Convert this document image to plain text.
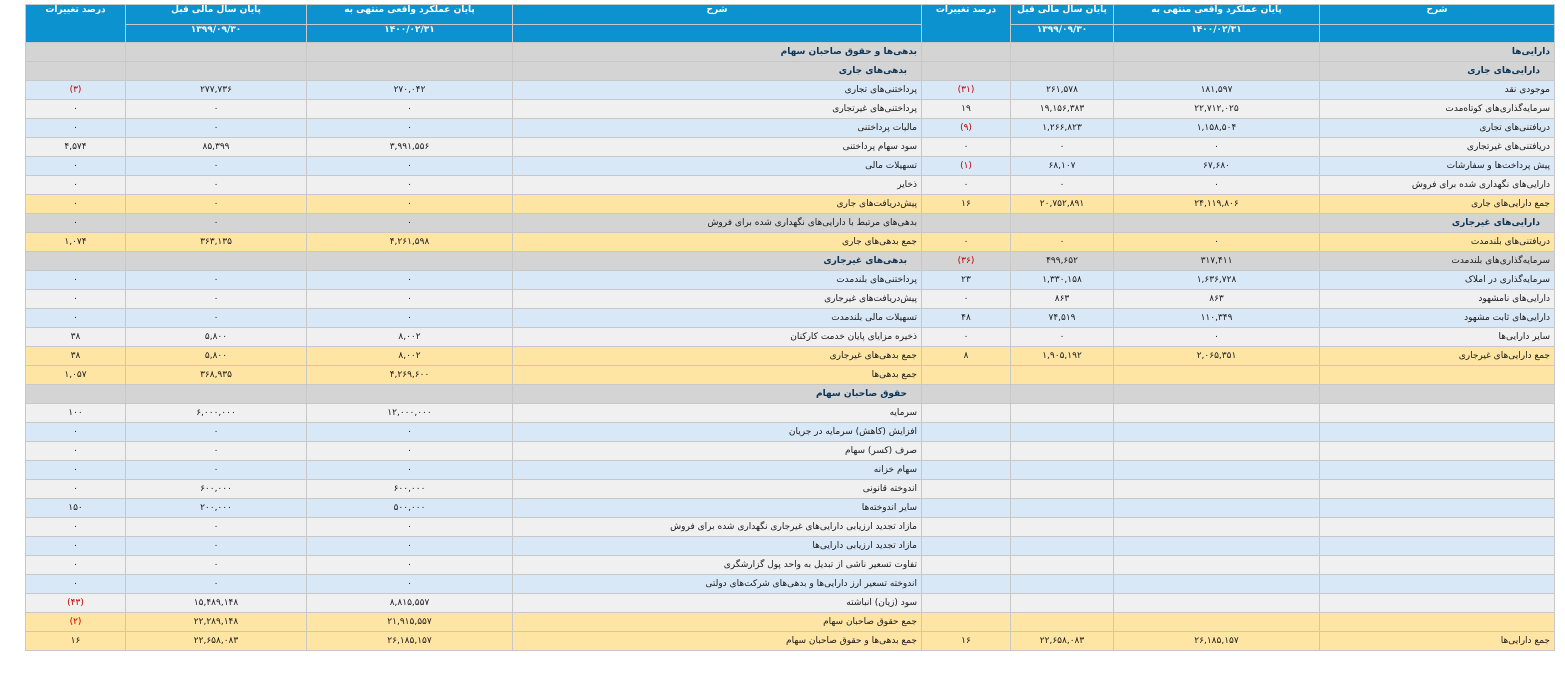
شرح	پایان عملکرد واقعی منتهی به	پایان سال مالی قبل	درصد تغییرات	شرح	پایان عملکرد واقعی منتهی به	پایان سال مالی قبل	درصد تغییرات
	۱۴۰۰/۰۲/۳۱	۱۳۹۹/۰۹/۳۰			۱۴۰۰/۰۲/۳۱	۱۳۹۹/۰۹/۳۰	
دارایی‌ها				بدهی‌ها و حقوق صاحبان سهام			
دارایی‌های جاری				بدهی‌های جاری			
موجودی نقد	۱۸۱,۵۹۷	۲۶۱,۵۷۸	(۳۱)	پرداختنی‌های تجاری	۲۷۰,۰۴۲	۲۷۷,۷۳۶	(۳)
سرمایه‌گذاری‌های کوتاه‌مدت	۲۲,۷۱۲,۰۲۵	۱۹,۱۵۶,۳۸۳	۱۹	پرداختنی‌های غیرتجاری	۰	۰	۰
دریافتنی‌های تجاری	۱,۱۵۸,۵۰۴	۱,۲۶۶,۸۲۳	(۹)	مالیات پرداختنی	۰	۰	۰
دریافتنی‌های غیرتجاری	۰	۰	۰	سود سهام پرداختنی	۳,۹۹۱,۵۵۶	۸۵,۳۹۹	۴,۵۷۴
پیش پرداخت‌ها و سفارشات	۶۷,۶۸۰	۶۸,۱۰۷	(۱)	تسهیلات مالی	۰	۰	۰
دارایی‌های نگهداری شده برای فروش	۰	۰	۰	ذخایر	۰	۰	۰
جمع دارایی‌های جاری	۲۴,۱۱۹,۸۰۶	۲۰,۷۵۲,۸۹۱	۱۶	پیش‌دریافت‌های جاری	۰	۰	۰
دارایی‌های غیرجاری				بدهی‌های مرتبط با دارایی‌های نگهداری شده برای فروش	۰	۰	۰
دریافتنی‌های بلندمدت	۰	۰	۰	جمع بدهی‌های جاری	۴,۲۶۱,۵۹۸	۳۶۳,۱۳۵	۱,۰۷۴
سرمایه‌گذاری‌های بلندمدت	۳۱۷,۴۱۱	۴۹۹,۶۵۲	(۳۶)	بدهی‌های غیرجاری			
سرمایه‌گذاری در املاک	۱,۶۳۶,۷۲۸	۱,۳۳۰,۱۵۸	۲۳	پرداختنی‌های بلندمدت	۰	۰	۰
دارایی‌های نامشهود	۸۶۳	۸۶۳	۰	پیش‌دریافت‌های غیرجاری	۰	۰	۰
دارایی‌های ثابت مشهود	۱۱۰,۳۴۹	۷۴,۵۱۹	۴۸	تسهیلات مالی بلندمدت	۰	۰	۰
سایر دارایی‌ها	۰	۰	۰	ذخیره مزایای پایان خدمت کارکنان	۸,۰۰۲	۵,۸۰۰	۳۸
جمع دارایی‌های غیرجاری	۲,۰۶۵,۳۵۱	۱,۹۰۵,۱۹۲	۸	جمع بدهی‌های غیرجاری	۸,۰۰۲	۵,۸۰۰	۳۸
				جمع بدهی‌ها	۴,۲۶۹,۶۰۰	۳۶۸,۹۳۵	۱,۰۵۷
				حقوق صاحبان سهام			
				سرمایه	۱۲,۰۰۰,۰۰۰	۶,۰۰۰,۰۰۰	۱۰۰
				افزایش (کاهش) سرمایه در جریان	۰	۰	۰
				صرف (کسر) سهام	۰	۰	۰
				سهام خزانه	۰	۰	۰
				اندوخته قانونی	۶۰۰,۰۰۰	۶۰۰,۰۰۰	۰
				سایر اندوخته‌ها	۵۰۰,۰۰۰	۲۰۰,۰۰۰	۱۵۰
				مازاد تجدید ارزیابی دارایی‌های غیرجاری نگهداری شده برای فروش	۰	۰	۰
				مازاد تجدید ارزیابی دارایی‌ها	۰	۰	۰
				تفاوت تسعیر ناشی از تبدیل به واحد پول گزارشگری	۰	۰	۰
				اندوخته تسعیر ارز دارایی‌ها و بدهی‌های شرکت‌های دولتی	۰	۰	۰
				سود (زیان) انباشته	۸,۸۱۵,۵۵۷	۱۵,۴۸۹,۱۴۸	(۴۳)
				جمع حقوق صاحبان سهام	۲۱,۹۱۵,۵۵۷	۲۲,۲۸۹,۱۴۸	(۲)
جمع دارایی‌ها	۲۶,۱۸۵,۱۵۷	۲۲,۶۵۸,۰۸۳	۱۶	جمع بدهی‌ها و حقوق صاحبان سهام	۲۶,۱۸۵,۱۵۷	۲۲,۶۵۸,۰۸۳	۱۶
